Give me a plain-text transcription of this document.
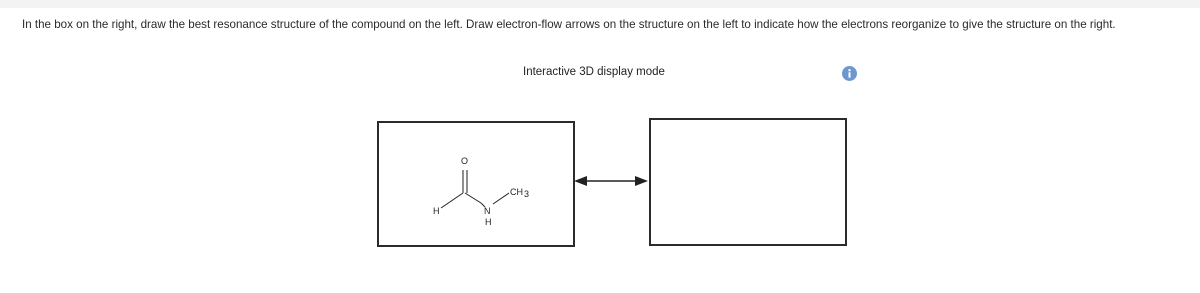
In the box on the right, draw the best resonance structure of the compound on the left. Draw electron-flow arrows on the structure on the left to indicate how the electrons reorganize to give the structure on the right.

Interactive 3D display mode
O
H	N
H
CH 3
